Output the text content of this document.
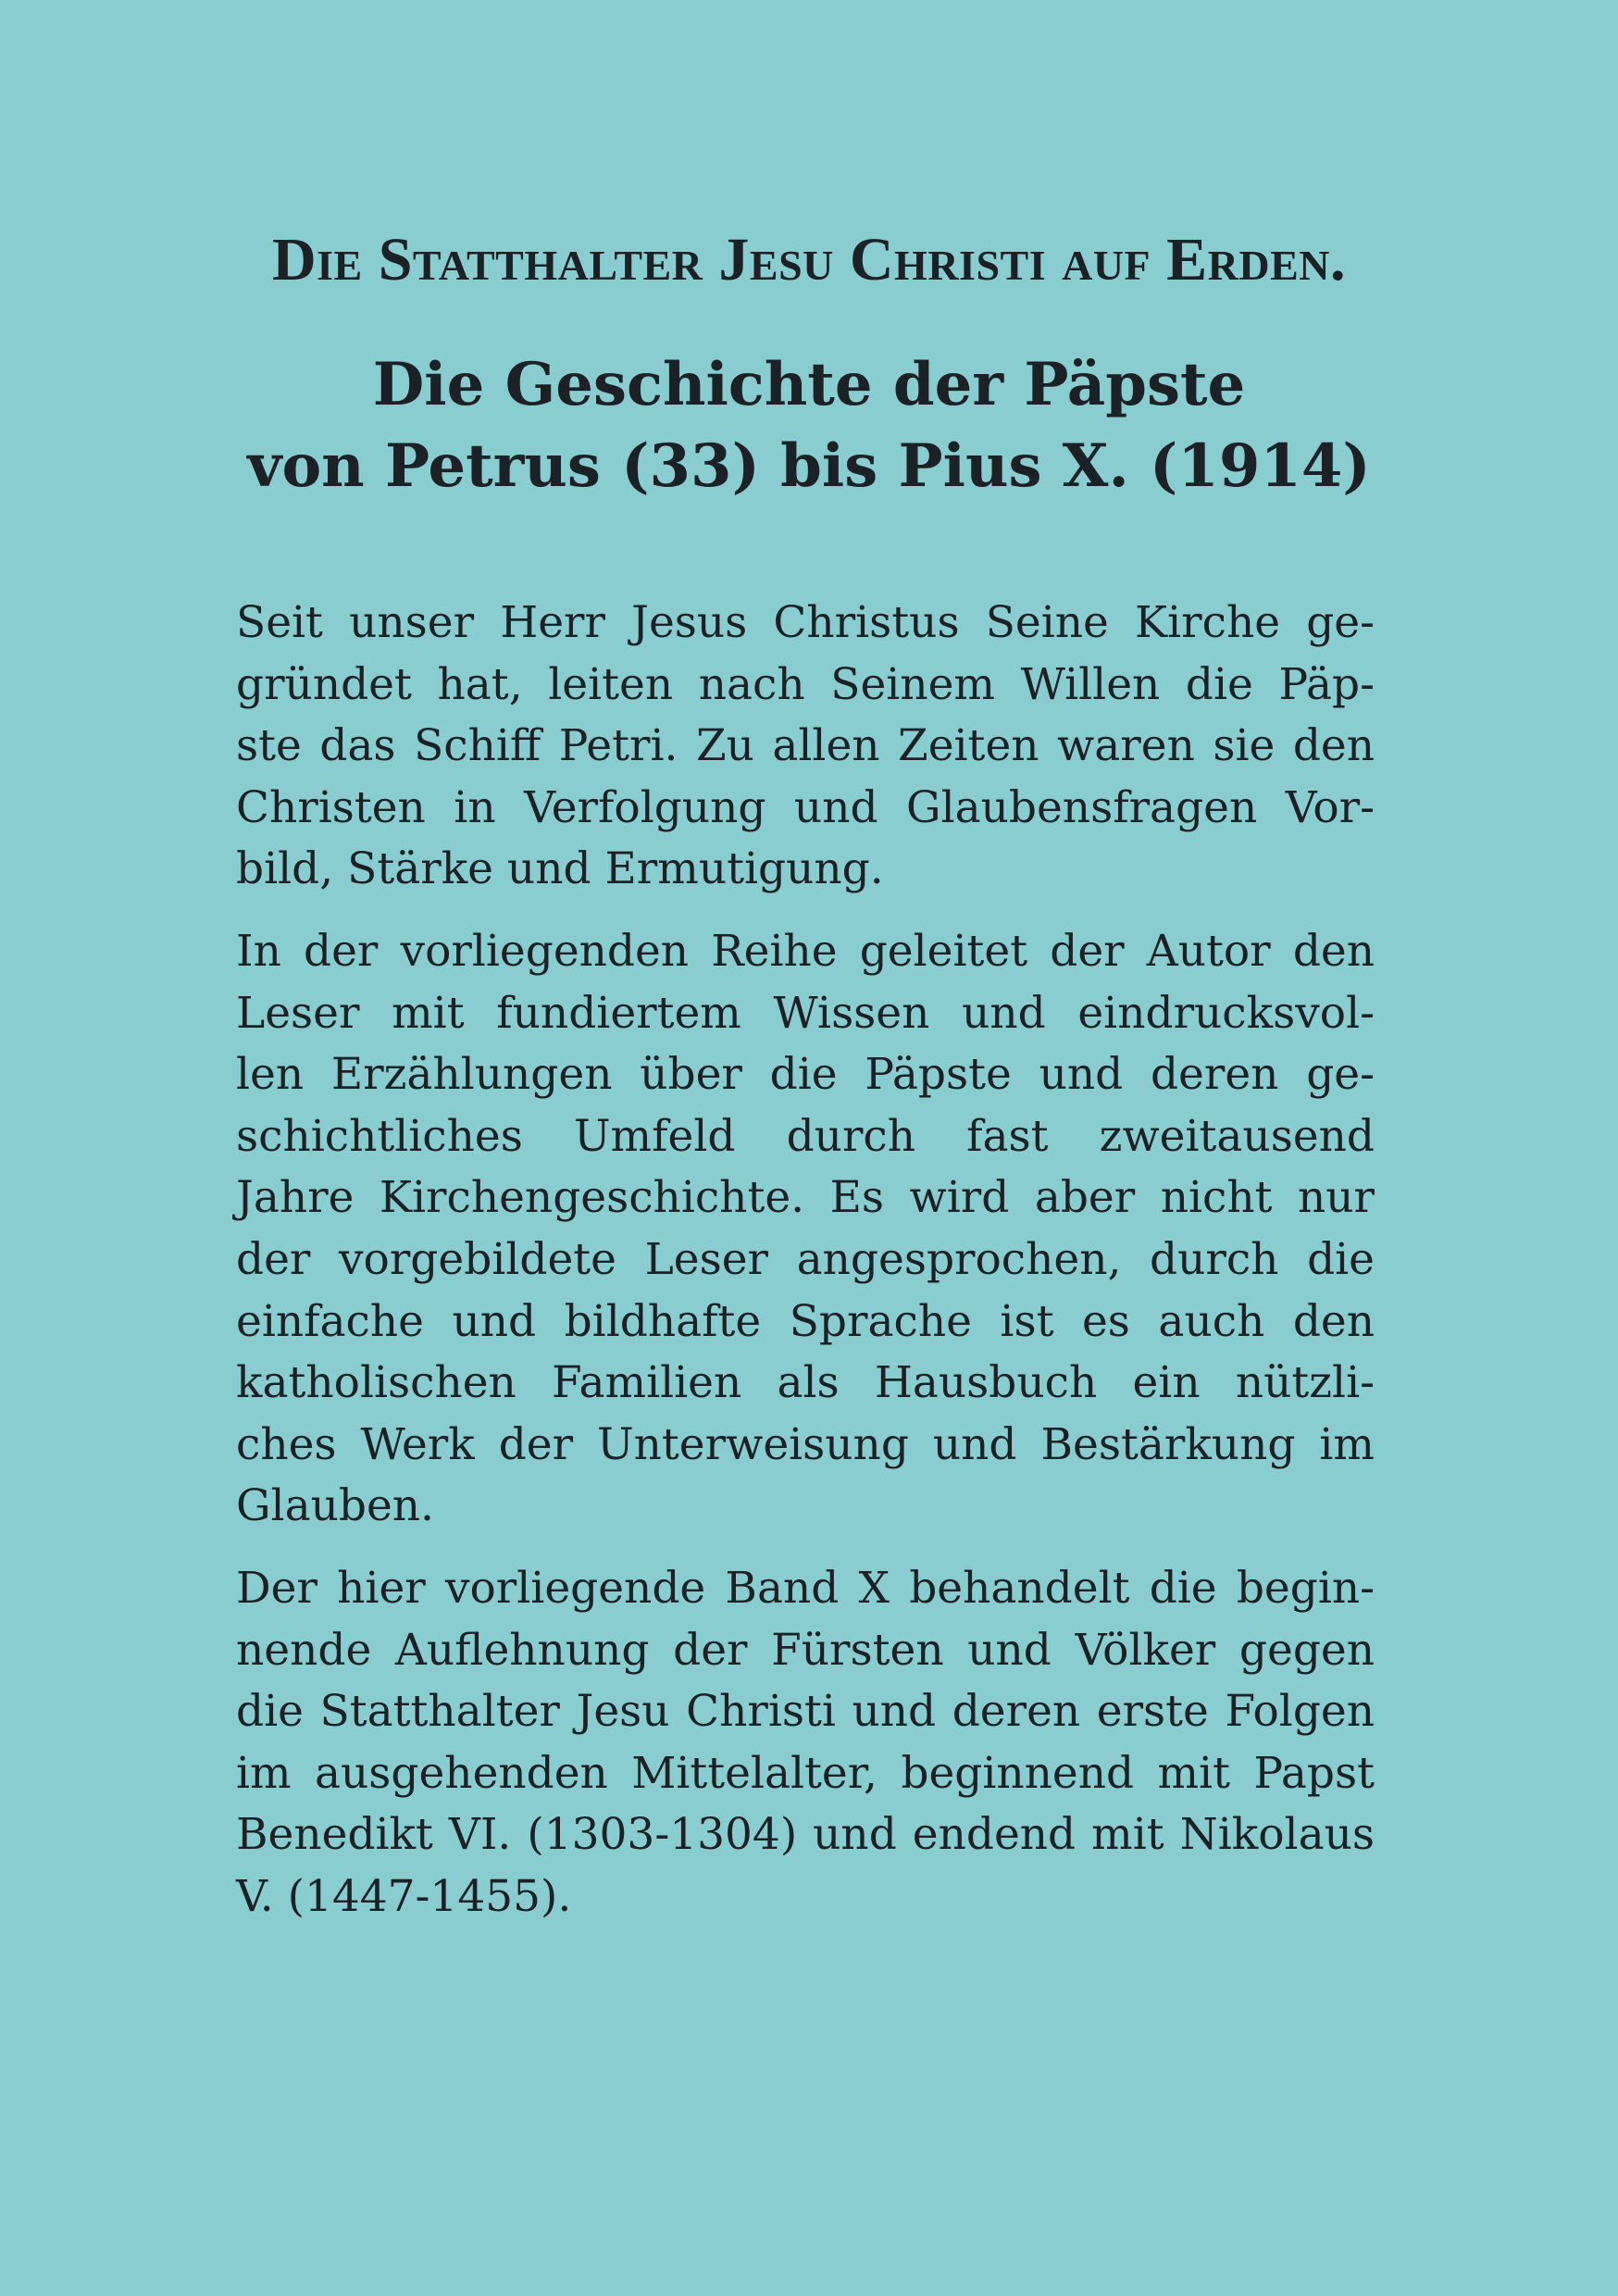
Die Statthalter Jesu Christi auf Erden.
Die Geschichte der Päpste
von Petrus (33) bis Pius X. (1914)

Seit unser Herr Jesus Christus Seine Kirche ge-
gründet hat, leiten nach Seinem Willen die Päp-
ste das Schiff Petri. Zu allen Zeiten waren sie den
Christen in Verfolgung und Glaubensfragen Vor-
bild, Stärke und Ermutigung.

In der vorliegenden Reihe geleitet der Autor den
Leser mit fundiertem Wissen und eindrucksvol-
len Erzählungen über die Päpste und deren ge-
schichtliches Umfeld durch fast zweitausend
Jahre Kirchengeschichte. Es wird aber nicht nur
der vorgebildete Leser angesprochen, durch die
einfache und bildhafte Sprache ist es auch den
katholischen Familien als Hausbuch ein nützli-
ches Werk der Unterweisung und Bestärkung im
Glauben.

Der hier vorliegende Band X behandelt die begin-
nende Auflehnung der Fürsten und Völker gegen
die Statthalter Jesu Christi und deren erste Folgen
im ausgehenden Mittelalter, beginnend mit Papst
Benedikt VI. (1303-1304) und endend mit Nikolaus
V. (1447-1455).
